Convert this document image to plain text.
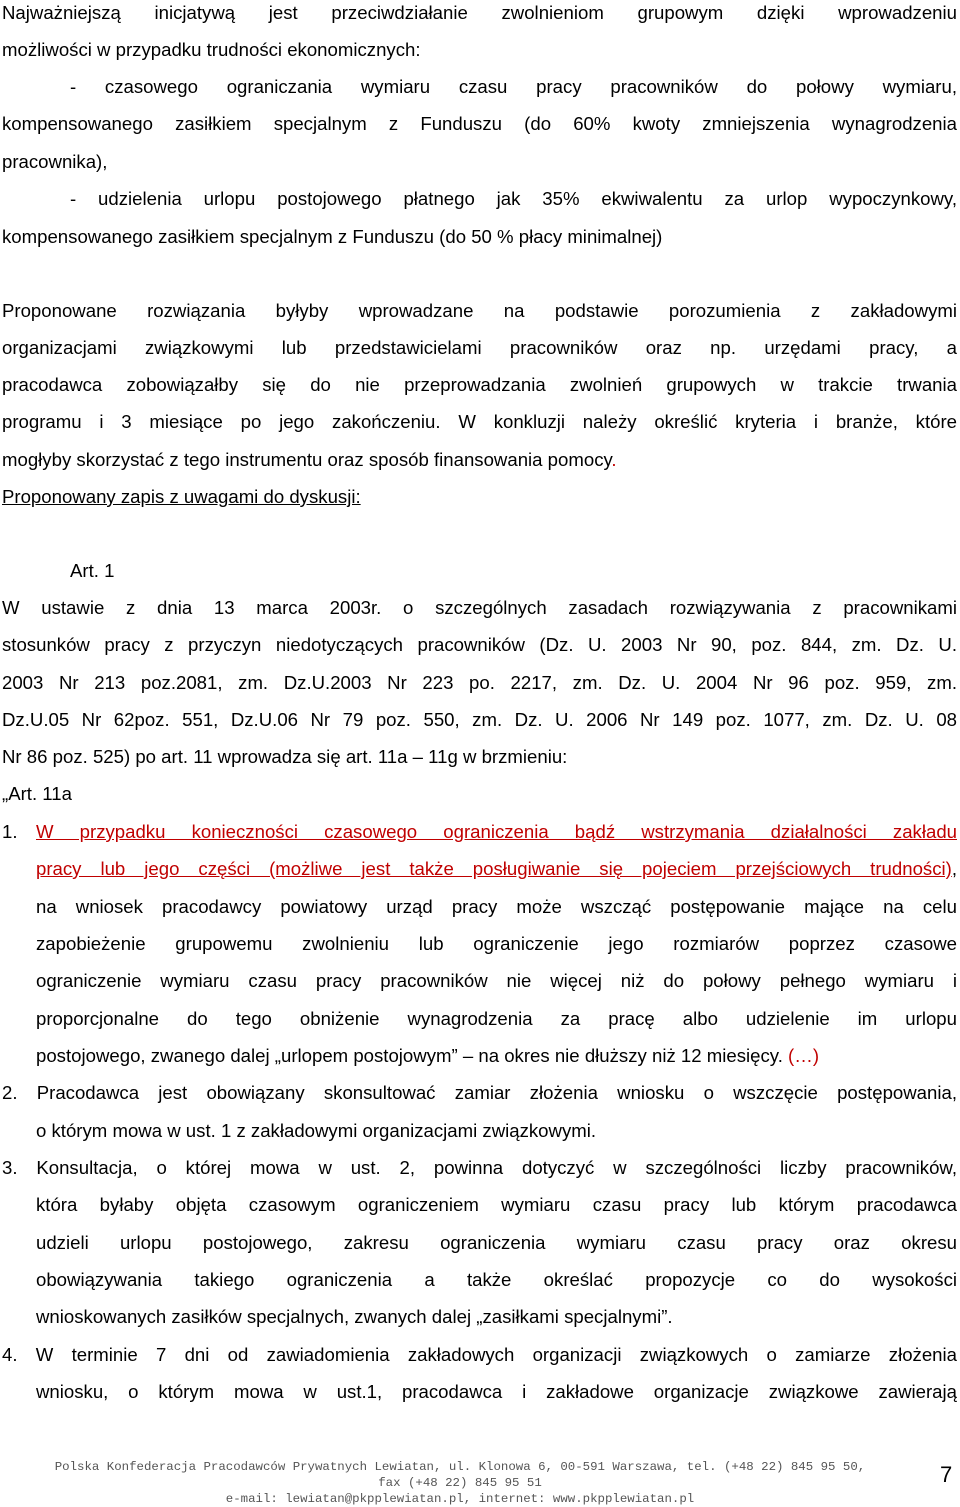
Najważniejszą inicjatywą jest przeciwdziałanie zwolnieniom grupowym dzięki wprowadzeniu
możliwości w przypadku trudności ekonomicznych:
- czasowego ograniczania wymiaru czasu pracy pracowników do połowy wymiaru,
kompensowanego zasiłkiem specjalnym z Funduszu (do 60% kwoty zmniejszenia wynagrodzenia
pracownika),
- udzielenia urlopu postojowego płatnego jak 35% ekwiwalentu za urlop wypoczynkowy,
kompensowanego zasiłkiem specjalnym z Funduszu (do 50 % płacy minimalnej)
Proponowane rozwiązania byłyby wprowadzane na podstawie porozumienia z zakładowymi
organizacjami związkowymi lub przedstawicielami pracowników oraz np. urzędami pracy, a
pracodawca zobowiązałby się do nie przeprowadzania zwolnień grupowych w trakcie trwania
programu i 3 miesiące po jego zakończeniu. W konkluzji należy określić kryteria i branże, które
mogłyby skorzystać z tego instrumentu oraz sposób finansowania pomocy.
Proponowany zapis z uwagami do dyskusji:
Art. 1
W ustawie z dnia 13 marca 2003r. o szczególnych zasadach rozwiązywania z pracownikami
stosunków pracy z przyczyn niedotyczących pracowników (Dz. U. 2003 Nr 90, poz. 844, zm. Dz. U.
2003 Nr 213 poz.2081, zm. Dz.U.2003 Nr 223 po. 2217, zm. Dz. U. 2004 Nr 96 poz. 959, zm.
Dz.U.05 Nr 62poz. 551, Dz.U.06 Nr 79 poz. 550, zm. Dz. U. 2006 Nr 149 poz. 1077, zm. Dz. U. 08
Nr 86 poz. 525) po art. 11 wprowadza się art. 11a – 11g w brzmieniu:
„Art. 11a
1. W przypadku konieczności czasowego ograniczenia bądź wstrzymania działalności zakładu
pracy lub jego części (możliwe jest także posługiwanie się pojeciem przejściowych trudności),
na wniosek pracodawcy powiatowy urząd pracy może wszcząć postępowanie mające na celu
zapobieżenie grupowemu zwolnieniu lub ograniczenie jego rozmiarów poprzez czasowe
ograniczenie wymiaru czasu pracy pracowników nie więcej niż do połowy pełnego wymiaru i
proporcjonalne do tego obniżenie wynagrodzenia za pracę albo udzielenie im urlopu
postojowego, zwanego dalej „urlopem postojowym” – na okres nie dłuższy niż 12 miesięcy. (…)
2. Pracodawca jest obowiązany skonsultować zamiar złożenia wniosku o wszczęcie postępowania,
o którym mowa w ust. 1 z zakładowymi organizacjami związkowymi.
3. Konsultacja, o której mowa w ust. 2, powinna dotyczyć w szczególności liczby pracowników,
która byłaby objęta czasowym ograniczeniem wymiaru czasu pracy lub którym pracodawca
udzieli urlopu postojowego, zakresu ograniczenia wymiaru czasu pracy oraz okresu
obowiązywania takiego ograniczenia a także określać propozycje co do wysokości
wnioskowanych zasiłków specjalnych, zwanych dalej „zasiłkami specjalnymi”.
4. W terminie 7 dni od zawiadomienia zakładowych organizacji związkowych o zamiarze złożenia
wniosku, o którym mowa w ust.1, pracodawca i zakładowe organizacje związkowe zawierają
Polska Konfederacja Pracodawców Prywatnych Lewiatan, ul. Klonowa 6, 00-591 Warszawa, tel. (+48 22) 845 95 50,
fax (+48 22) 845 95 51
e-mail: lewiatan@pkpplewiatan.pl, internet: www.pkpplewiatan.pl
7
